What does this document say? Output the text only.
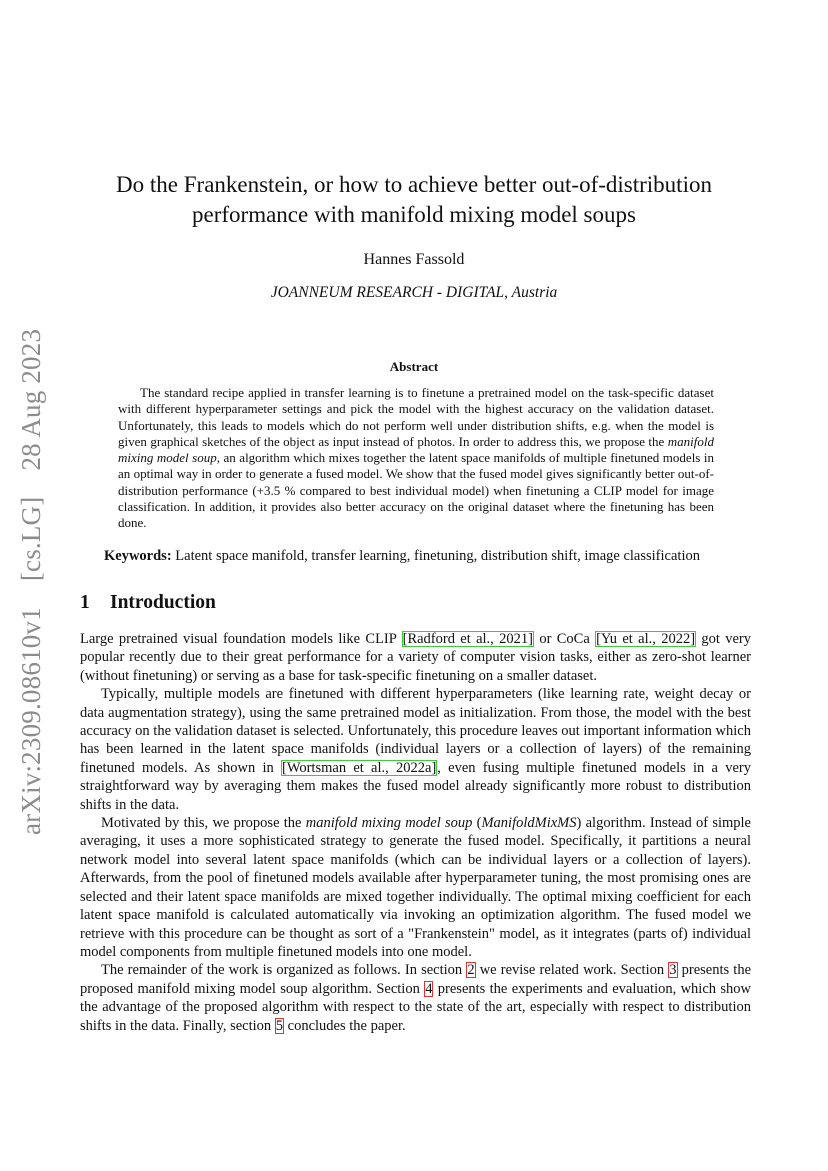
arXiv:2309.08610v1[cs.LG]28 Aug 2023
Do the Frankenstein, or how to achieve better out-of-distribution
performance with manifold mixing model soups
Hannes Fassold
JOANNEUM RESEARCH - DIGITAL, Austria
Abstract

The standard recipe applied in transfer learning is to finetune a pretrained model on the task-specific dataset with different hyperparameter settings and pick the model with the highest accuracy on the validation dataset. Unfortunately, this leads to models which do not perform well under distribution shifts, e.g. when the model is given graphical sketches of the object as input instead of photos. In order to address this, we propose the manifold mixing model soup, an algorithm which mixes together the latent space manifolds of multiple finetuned models in an optimal way in order to generate a fused model. We show that the fused model gives significantly better out-of-distribution performance (+3.5 % compared to best individual model) when finetuning a CLIP model for image classification. In addition, it provides also better accuracy on the original dataset where the finetuning has been done.

Keywords: Latent space manifold, transfer learning, finetuning, distribution shift, image classification

1 Introduction

Large pretrained visual foundation models like CLIP [Radford et al., 2021] or CoCa [Yu et al., 2022] got very popular recently due to their great performance for a variety of computer vision tasks, either as zero-shot learner (without finetuning) or serving as a base for task-specific finetuning on a smaller dataset.

Typically, multiple models are finetuned with different hyperparameters (like learning rate, weight decay or data augmentation strategy), using the same pretrained model as initialization. From those, the model with the best accuracy on the validation dataset is selected. Unfortunately, this procedure leaves out important information which has been learned in the latent space manifolds (individual layers or a collection of layers) of the remaining finetuned models. As shown in [Wortsman et al., 2022a], even fusing multiple finetuned models in a very straightforward way by averaging them makes the fused model already significantly more robust to distribution shifts in the data.

Motivated by this, we propose the manifold mixing model soup (ManifoldMixMS) algorithm. Instead of simple averaging, it uses a more sophisticated strategy to generate the fused model. Specifically, it partitions a neural network model into several latent space manifolds (which can be individual layers or a collection of layers). Afterwards, from the pool of finetuned models available after hyperparameter tuning, the most promising ones are selected and their latent space manifolds are mixed together individually. The optimal mixing coefficient for each latent space manifold is calculated automatically via invoking an optimization algorithm. The fused model we retrieve with this procedure can be thought as sort of a "Frankenstein" model, as it integrates (parts of) individual model components from multiple finetuned models into one model.

The remainder of the work is organized as follows. In section 2 we revise related work. Section 3 presents the proposed manifold mixing model soup algorithm. Section 4 presents the experiments and evaluation, which show the advantage of the proposed algorithm with respect to the state of the art, especially with respect to distribution shifts in the data. Finally, section 5 concludes the paper.
